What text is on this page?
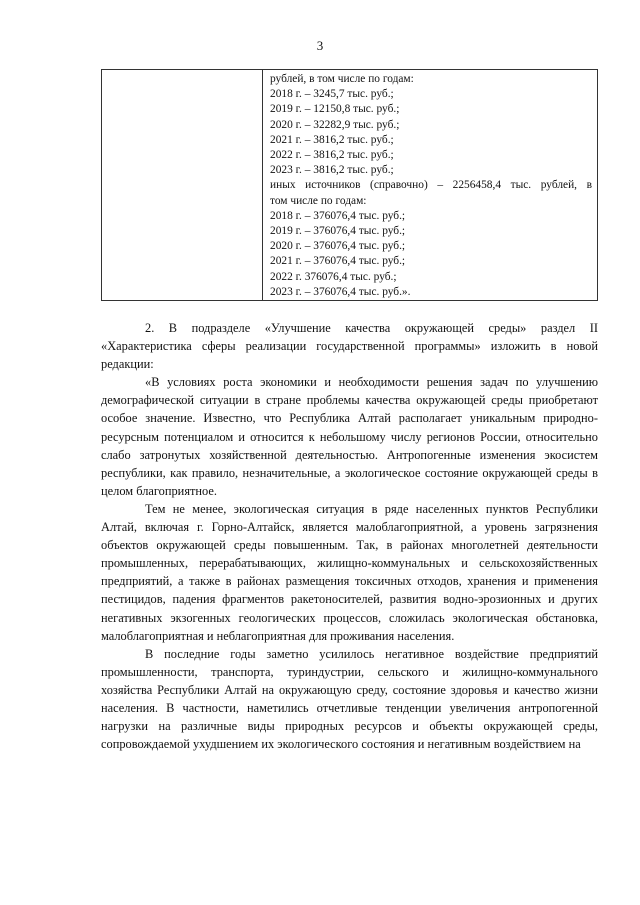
3
рублей, в том числе по годам:
2018 г. – 3245,7 тыс. руб.;
2019 г. – 12150,8 тыс. руб.;
2020 г. – 32282,9 тыс. руб.;
2021 г. – 3816,2 тыс. руб.;
2022 г. – 3816,2 тыс. руб.;
2023 г. – 3816,2 тыс. руб.;
иных источников (справочно) – 2256458,4 тыс. рублей, в
том числе по годам:
2018 г. – 376076,4 тыс. руб.;
2019 г. – 376076,4 тыс. руб.;
2020 г. – 376076,4 тыс. руб.;
2021 г. – 376076,4 тыс. руб.;
2022 г. 376076,4 тыс. руб.;
2023 г. – 376076,4 тыс. руб.».

2. В подразделе «Улучшение качества окружающей среды» раздел II «Характеристика сферы реализации государственной программы» изложить в новой редакции:

«В условиях роста экономики и необходимости решения задач по улучшению демографической ситуации в стране проблемы качества окружающей среды приобретают особое значение. Известно, что Республика Алтай располагает уникальным природно-ресурсным потенциалом и относится к небольшому числу регионов России, относительно слабо затронутых хозяйственной деятельностью. Антропогенные изменения экосистем республики, как правило, незначительные, а экологическое состояние окружающей среды в целом благоприятное.

Тем не менее, экологическая ситуация в ряде населенных пунктов Республики Алтай, включая г. Горно-Алтайск, является малоблагоприятной, а уровень загрязнения объектов окружающей среды повышенным. Так, в районах многолетней деятельности промышленных, перерабатывающих, жилищно-коммунальных и сельскохозяйственных предприятий, а также в районах размещения токсичных отходов, хранения и применения пестицидов, падения фрагментов ракетоносителей, развития водно-эрозионных и других негативных экзогенных геологических процессов, сложилась экологическая обстановка, малоблагоприятная и неблагоприятная для проживания населения.

В последние годы заметно усилилось негативное воздействие предприятий промышленности, транспорта, туриндустрии, сельского и жилищно-коммунального хозяйства Республики Алтай на окружающую среду, состояние здоровья и качество жизни населения. В частности, наметились отчетливые тенденции увеличения антропогенной нагрузки на различные виды природных ресурсов и объекты окружающей среды, сопровождаемой ухудшением их экологического состояния и негативным воздействием на
